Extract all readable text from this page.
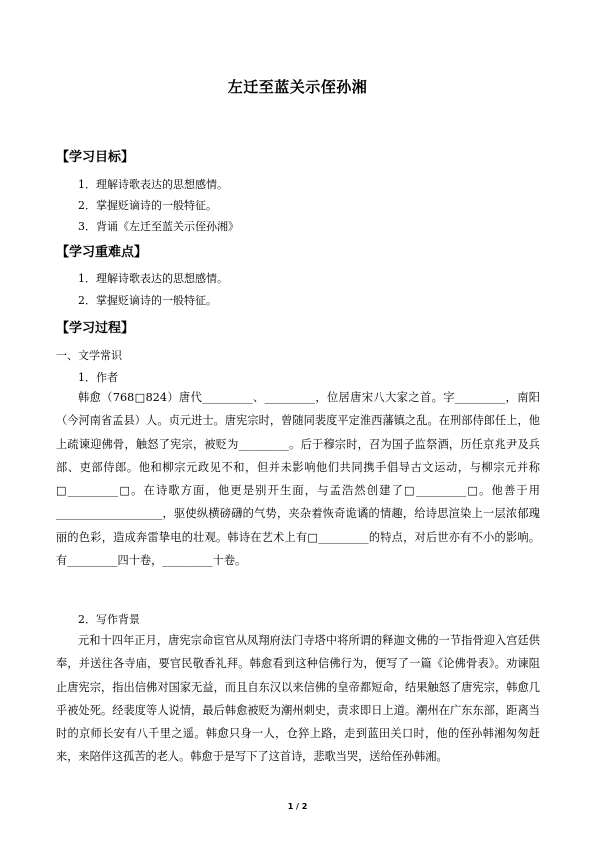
左迁至蓝关示侄孙湘
【学习目标】
1．理解诗歌表达的思想感情。
2．掌握贬谪诗的一般特征。
3．背诵《左迁至蓝关示侄孙湘》
【学习重难点】
1．理解诗歌表达的思想感情。
2．掌握贬谪诗的一般特征。
【学习过程】
一、文学常识
1．作者

韩愈（768□824）唐代_________、_________，位居唐宋八大家之首。字_________，南阳（今河南省孟县）人。贞元进士。唐宪宗时，曾随同裴度平定淮西藩镇之乱。在刑部侍郎任上，他上疏谏迎佛骨，触怒了宪宗，被贬为_________。后于穆宗时，召为国子监祭酒，历任京兆尹及兵部、吏部侍郎。他和柳宗元政见不和，但并未影响他们共同携手倡导古文运动，与柳宗元并称□_________□。在诗歌方面，他更是别开生面，与孟浩然创建了□_________□。他善于用___________________，驱使纵横磅礴的气势，夹杂着恢奇诡谲的情趣，给诗思渲染上一层浓郁瑰丽的色彩，造成奔雷挚电的壮观。韩诗在艺术上有□_________的特点，对后世亦有不小的影响。有_________四十卷，_________十卷。

2．写作背景

元和十四年正月，唐宪宗命宦官从凤翔府法门寺塔中将所谓的释迦文佛的一节指骨迎入宫廷供奉，并送往各寺庙，要官民敬香礼拜。韩愈看到这种信佛行为，便写了一篇《论佛骨表》。劝谏阻止唐宪宗，指出信佛对国家无益，而且自东汉以来信佛的皇帝都短命，结果触怒了唐宪宗，韩愈几乎被处死。经裴度等人说情，最后韩愈被贬为潮州刺史，责求即日上道。潮州在广东东部，距离当时的京师长安有八千里之遥。韩愈只身一人，仓猝上路，走到蓝田关口时，他的侄孙韩湘匆匆赶来，来陪伴这孤苦的老人。韩愈于是写下了这首诗，悲歌当哭，送给侄孙韩湘。

1 / 2
